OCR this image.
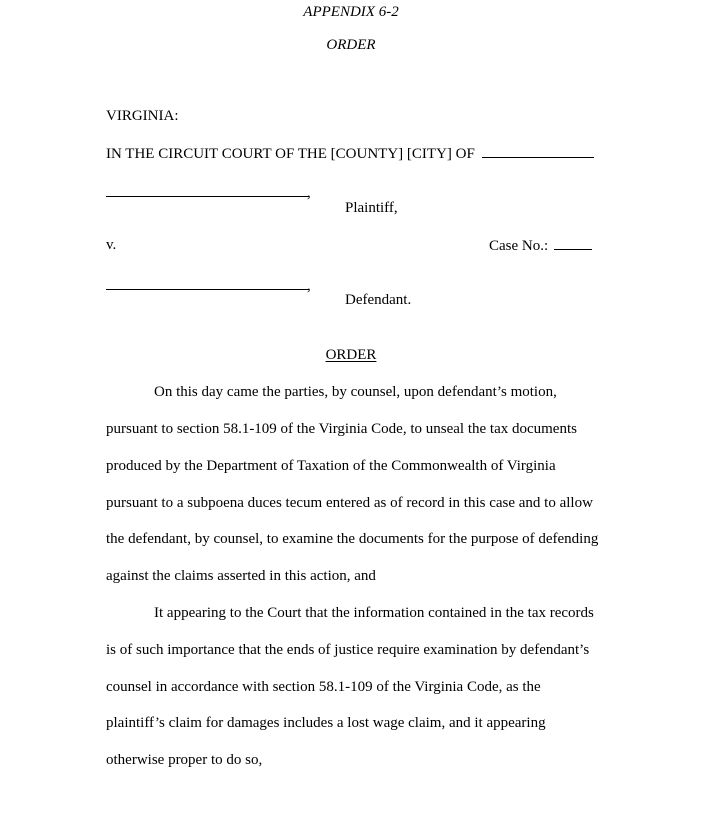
APPENDIX 6-2
ORDER
VIRGINIA:
IN THE CIRCUIT COURT OF THE [COUNTY] [CITY] OF
,
Plaintiff,
v.	Case No.:
,
Defendant.
ORDER
On this day came the parties, by counsel, upon defendant’s motion,
pursuant to section 58.1-109 of the Virginia Code, to unseal the tax documents
produced by the Department of Taxation of the Commonwealth of Virginia
pursuant to a subpoena duces tecum entered as of record in this case and to allow
the defendant, by counsel, to examine the documents for the purpose of defending
against the claims asserted in this action, and
It appearing to the Court that the information contained in the tax records
is of such importance that the ends of justice require examination by defendant’s
counsel in accordance with section 58.1-109 of the Virginia Code, as the
plaintiff’s claim for damages includes a lost wage claim, and it appearing
otherwise proper to do so,
